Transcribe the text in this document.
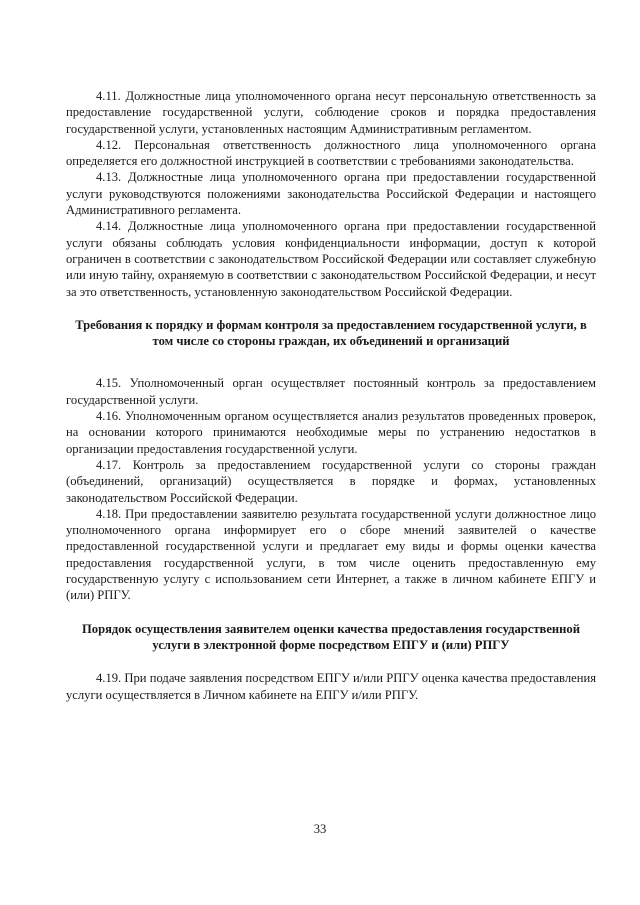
4.11. Должностные лица уполномоченного органа несут персональную ответственность за предоставление государственной услуги, соблюдение сроков и порядка предоставления государственной услуги, установленных настоящим Административным регламентом.

4.12. Персональная ответственность должностного лица уполномоченного органа определяется его должностной инструкцией в соответствии с требованиями законодательства.

4.13. Должностные лица уполномоченного органа при предоставлении государственной услуги руководствуются положениями законодательства Российской Федерации и настоящего Административного регламента.

4.14. Должностные лица уполномоченного органа при предоставлении государственной услуги обязаны соблюдать условия конфиденциальности информации, доступ к которой ограничен в соответствии с законодательством Российской Федерации или составляет служебную или иную тайну, охраняемую в соответствии с законодательством Российской Федерации, и несут за это ответственность, установленную законодательством Российской Федерации.

Требования к порядку и формам контроля за предоставлением государственной услуги, в том числе со стороны граждан, их объединений и организаций

4.15. Уполномоченный орган осуществляет постоянный контроль за предоставлением государственной услуги.

4.16. Уполномоченным органом осуществляется анализ результатов проведенных проверок, на основании которого принимаются необходимые меры по устранению недостатков в организации предоставления государственной услуги.

4.17. Контроль за предоставлением государственной услуги со стороны граждан (объединений, организаций) осуществляется в порядке и формах, установленных законодательством Российской Федерации.

4.18. При предоставлении заявителю результата государственной услуги должностное лицо уполномоченного органа информирует его о сборе мнений заявителей о качестве предоставленной государственной услуги и предлагает ему виды и формы оценки качества предоставления государственной услуги, в том числе оценить предоставленную ему государственную услугу с использованием сети Интернет, а также в личном кабинете ЕПГУ и (или) РПГУ.

Порядок осуществления заявителем оценки качества предоставления государственной услуги в электронной форме посредством ЕПГУ и (или) РПГУ

4.19. При подаче заявления посредством ЕПГУ и/или РПГУ оценка качества предоставления услуги осуществляется в Личном кабинете на ЕПГУ и/или РПГУ.

33
